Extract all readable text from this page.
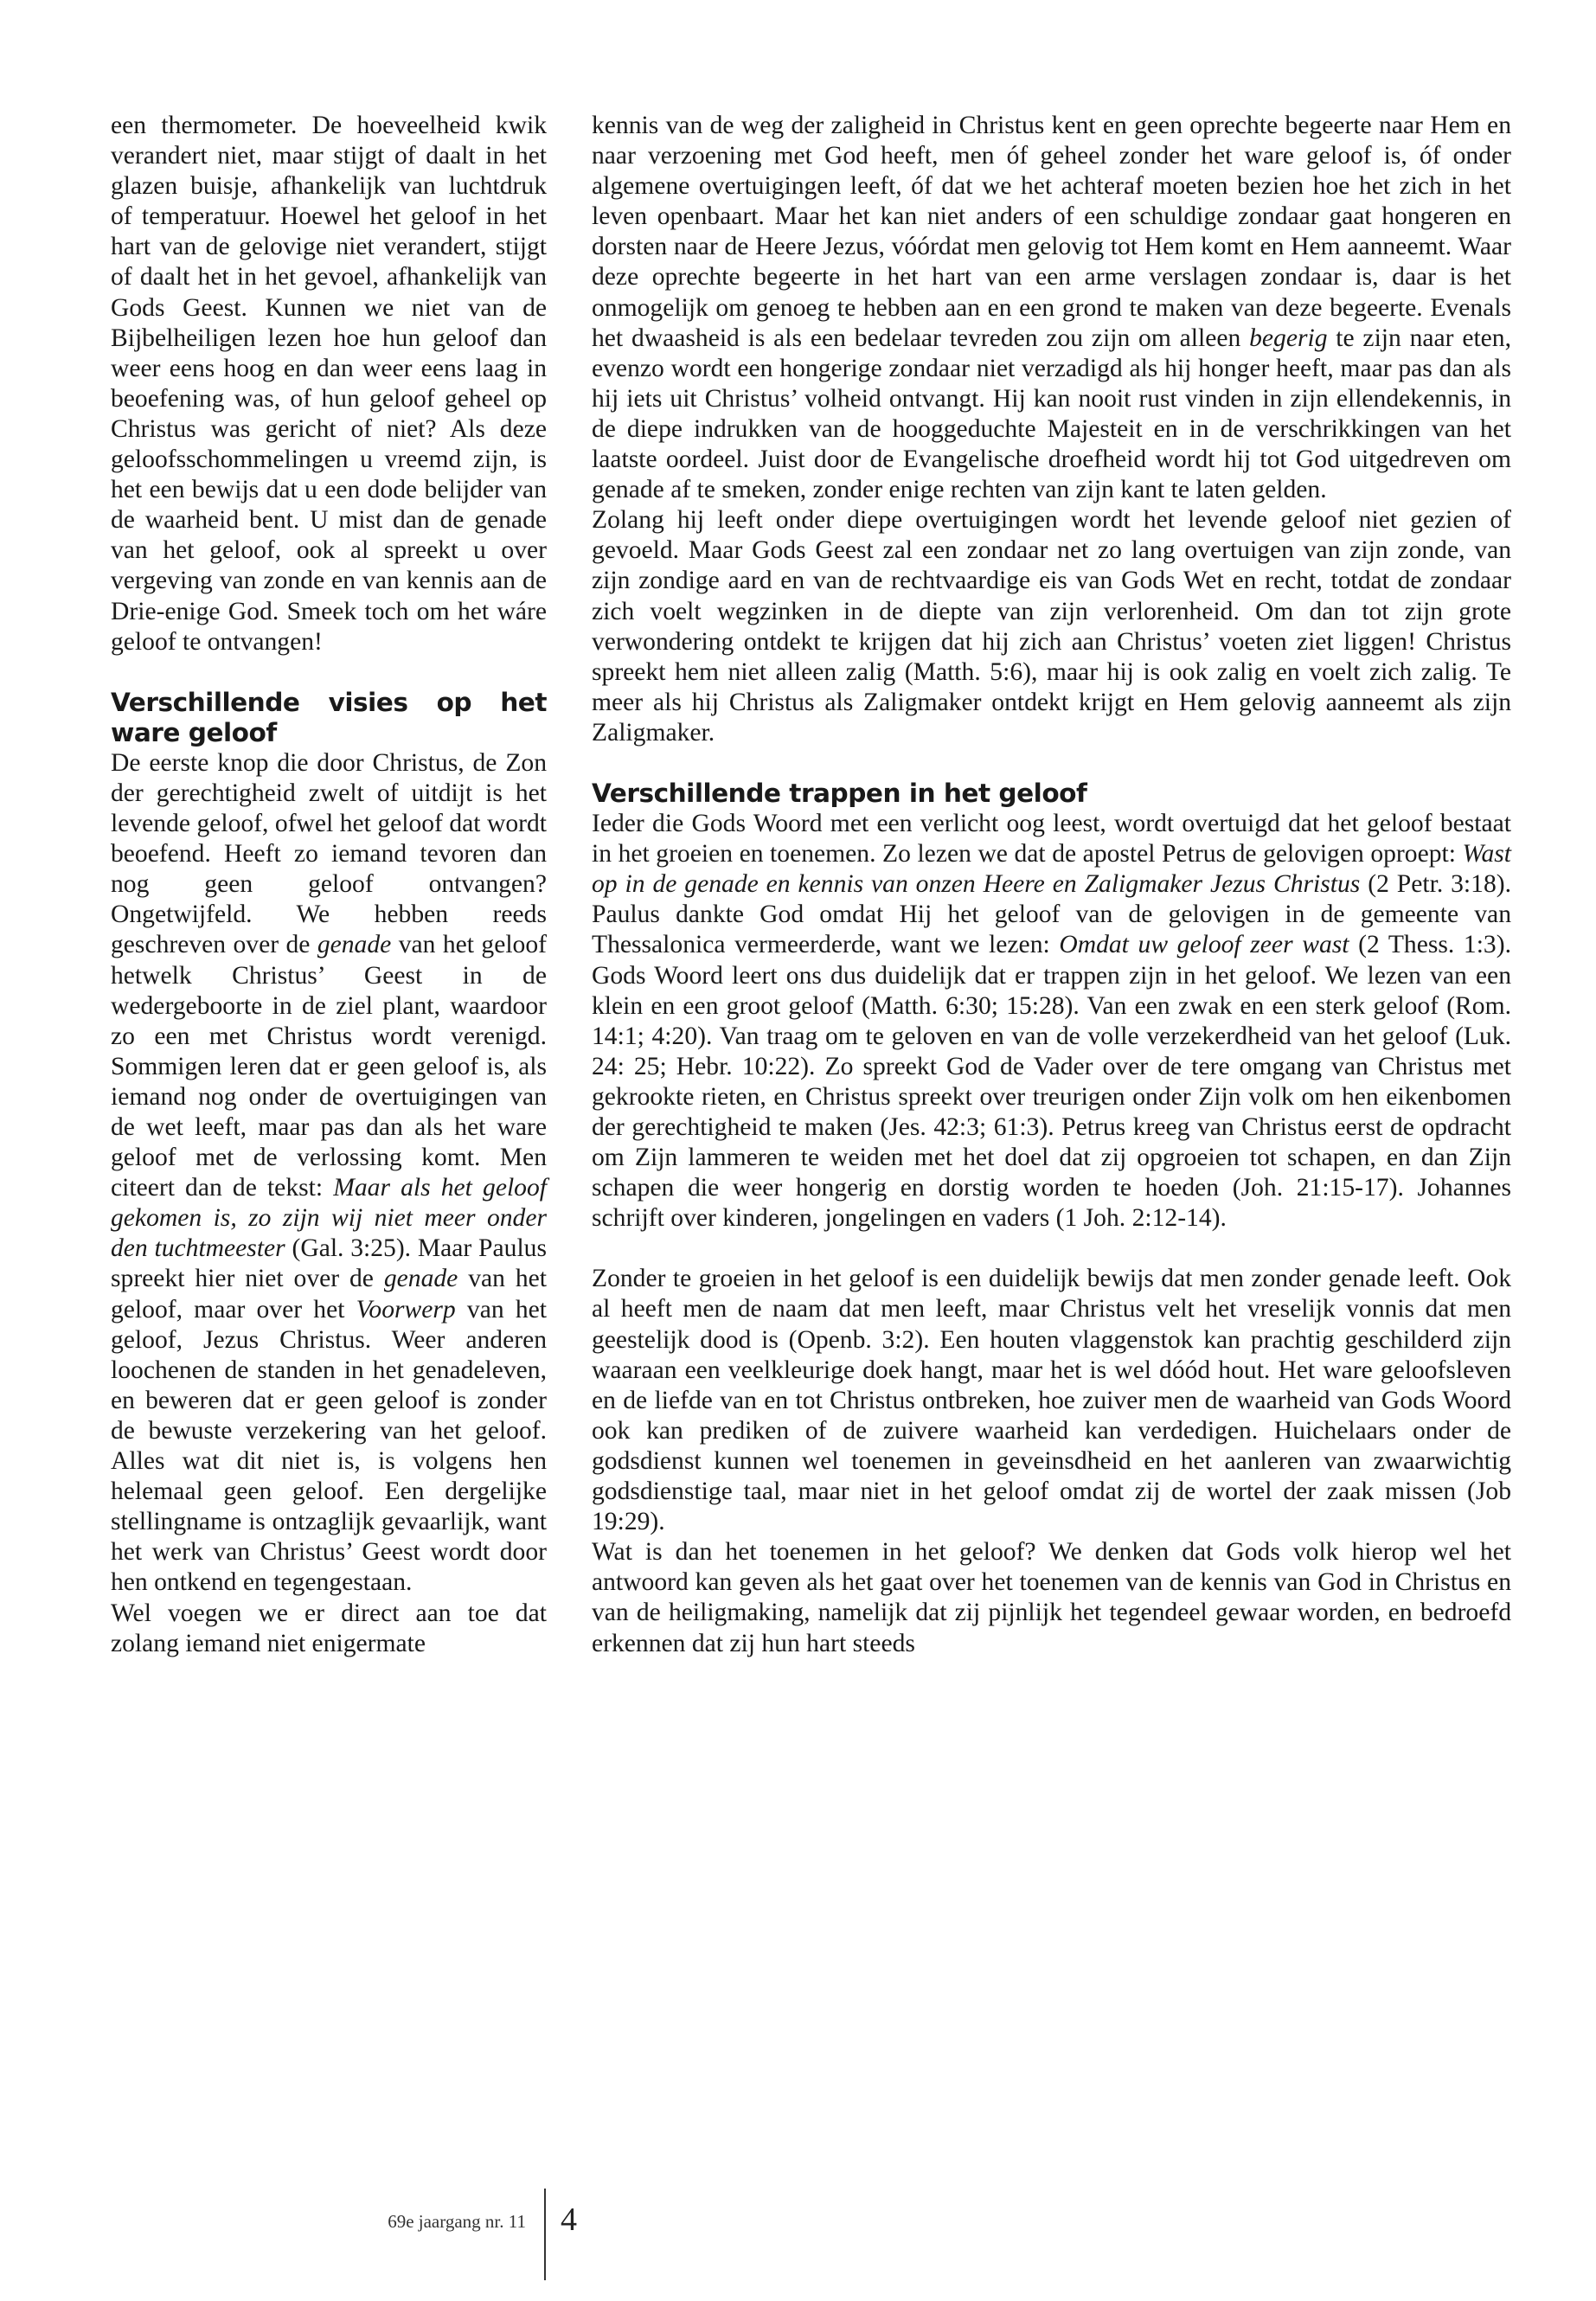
een thermometer. De hoeveelheid kwik verandert niet, maar stijgt of daalt in het glazen buisje, afhankelijk van luchtdruk of temperatuur. Hoewel het geloof in het hart van de gelovige niet verandert, stijgt of daalt het in het gevoel, afhankelijk van Gods Geest. Kunnen we niet van de Bijbelheiligen lezen hoe hun geloof dan weer eens hoog en dan weer eens laag in beoefening was, of hun geloof geheel op Christus was gericht of niet? Als deze geloofsschommelingen u vreemd zijn, is het een bewijs dat u een dode belijder van de waarheid bent. U mist dan de genade van het geloof, ook al spreekt u over vergeving van zonde en van kennis aan de Drie-enige God. Smeek toch om het wáre geloof te ontvangen!

Verschillende visies op het ware geloof

De eerste knop die door Christus, de Zon der gerechtigheid zwelt of uitdijt is het levende geloof, ofwel het geloof dat wordt beoefend. Heeft zo iemand tevoren dan nog geen geloof ontvangen? Ongetwijfeld. We hebben reeds geschreven over de genade van het geloof hetwelk Christus’ Geest in de wedergeboorte in de ziel plant, waardoor zo een met Christus wordt verenigd. Sommigen leren dat er geen geloof is, als iemand nog onder de overtuigingen van de wet leeft, maar pas dan als het ware geloof met de verlossing komt. Men citeert dan de tekst: Maar als het geloof gekomen is, zo zijn wij niet meer onder den tuchtmeester (Gal. 3:25). Maar Paulus spreekt hier niet over de genade van het geloof, maar over het Voorwerp van het geloof, Jezus Christus. Weer anderen loochenen de standen in het genadeleven, en beweren dat er geen geloof is zonder de bewuste verzekering van het geloof. Alles wat dit niet is, is volgens hen helemaal geen geloof. Een dergelijke stellingname is ontzaglijk gevaarlijk, want het werk van Christus’ Geest wordt door hen ontkend en tegengestaan.

Wel voegen we er direct aan toe dat zolang iemand niet enigermate

kennis van de weg der zaligheid in Christus kent en geen oprechte begeerte naar Hem en naar verzoening met God heeft, men óf geheel zonder het ware geloof is, óf onder algemene overtuigingen leeft, óf dat we het achteraf moeten bezien hoe het zich in het leven openbaart. Maar het kan niet anders of een schuldige zondaar gaat hongeren en dorsten naar de Heere Jezus, vóórdat men gelovig tot Hem komt en Hem aanneemt. Waar deze oprechte begeerte in het hart van een arme verslagen zondaar is, daar is het onmogelijk om genoeg te hebben aan en een grond te maken van deze begeerte. Evenals het dwaasheid is als een bedelaar tevreden zou zijn om alleen begerig te zijn naar eten, evenzo wordt een hongerige zondaar niet verzadigd als hij honger heeft, maar pas dan als hij iets uit Christus’ volheid ontvangt. Hij kan nooit rust vinden in zijn ellendekennis, in de diepe indrukken van de hooggeduchte Majesteit en in de verschrikkingen van het laatste oordeel. Juist door de Evangelische droefheid wordt hij tot God uitgedreven om genade af te smeken, zonder enige rechten van zijn kant te laten gelden.

Zolang hij leeft onder diepe overtuigingen wordt het levende geloof niet gezien of gevoeld. Maar Gods Geest zal een zondaar net zo lang overtuigen van zijn zonde, van zijn zondige aard en van de rechtvaardige eis van Gods Wet en recht, totdat de zondaar zich voelt wegzinken in de diepte van zijn verlorenheid. Om dan tot zijn grote verwondering ontdekt te krijgen dat hij zich aan Christus’ voeten ziet liggen! Christus spreekt hem niet alleen zalig (Matth. 5:6), maar hij is ook zalig en voelt zich zalig. Te meer als hij Christus als Zaligmaker ontdekt krijgt en Hem gelovig aanneemt als zijn Zaligmaker.

Verschillende trappen in het geloof

Ieder die Gods Woord met een verlicht oog leest, wordt overtuigd dat het geloof bestaat in het groeien en toenemen. Zo lezen we dat de apostel Petrus de gelovigen oproept: Wast op in de genade en kennis van onzen Heere en Zaligmaker Jezus Christus (2 Petr. 3:18). Paulus dankte God omdat Hij het geloof van de gelovigen in de gemeente van Thessalonica vermeerderde, want we lezen: Omdat uw geloof zeer wast (2 Thess. 1:3). Gods Woord leert ons dus duidelijk dat er trappen zijn in het geloof. We lezen van een klein en een groot geloof (Matth. 6:30; 15:28). Van een zwak en een sterk geloof (Rom. 14:1; 4:20). Van traag om te geloven en van de volle verzekerdheid van het geloof (Luk. 24: 25; Hebr. 10:22). Zo spreekt God de Vader over de tere omgang van Christus met gekrookte rieten, en Christus spreekt over treurigen onder Zijn volk om hen eikenbomen der gerechtigheid te maken (Jes. 42:3; 61:3). Petrus kreeg van Christus eerst de opdracht om Zijn lammeren te weiden met het doel dat zij opgroeien tot schapen, en dan Zijn schapen die weer hongerig en dorstig worden te hoeden (Joh. 21:15-17). Johannes schrijft over kinderen, jongelingen en vaders (1 Joh. 2:12-14).

Zonder te groeien in het geloof is een duidelijk bewijs dat men zonder genade leeft. Ook al heeft men de naam dat men leeft, maar Christus velt het vreselijk vonnis dat men geestelijk dood is (Openb. 3:2). Een houten vlaggenstok kan prachtig geschilderd zijn waaraan een veelkleurige doek hangt, maar het is wel dóód hout. Het ware geloofsleven en de liefde van en tot Christus ontbreken, hoe zuiver men de waarheid van Gods Woord ook kan prediken of de zuivere waarheid kan verdedigen. Huichelaars onder de godsdienst kunnen wel toenemen in geveinsdheid en het aanleren van zwaarwichtig godsdienstige taal, maar niet in het geloof omdat zij de wortel der zaak missen (Job 19:29).

Wat is dan het toenemen in het geloof? We denken dat Gods volk hierop wel het antwoord kan geven als het gaat over het toenemen van de kennis van God in Christus en van de heiligmaking, namelijk dat zij pijnlijk het tegendeel gewaar worden, en bedroefd erkennen dat zij hun hart steeds

69e jaargang nr. 11 4
